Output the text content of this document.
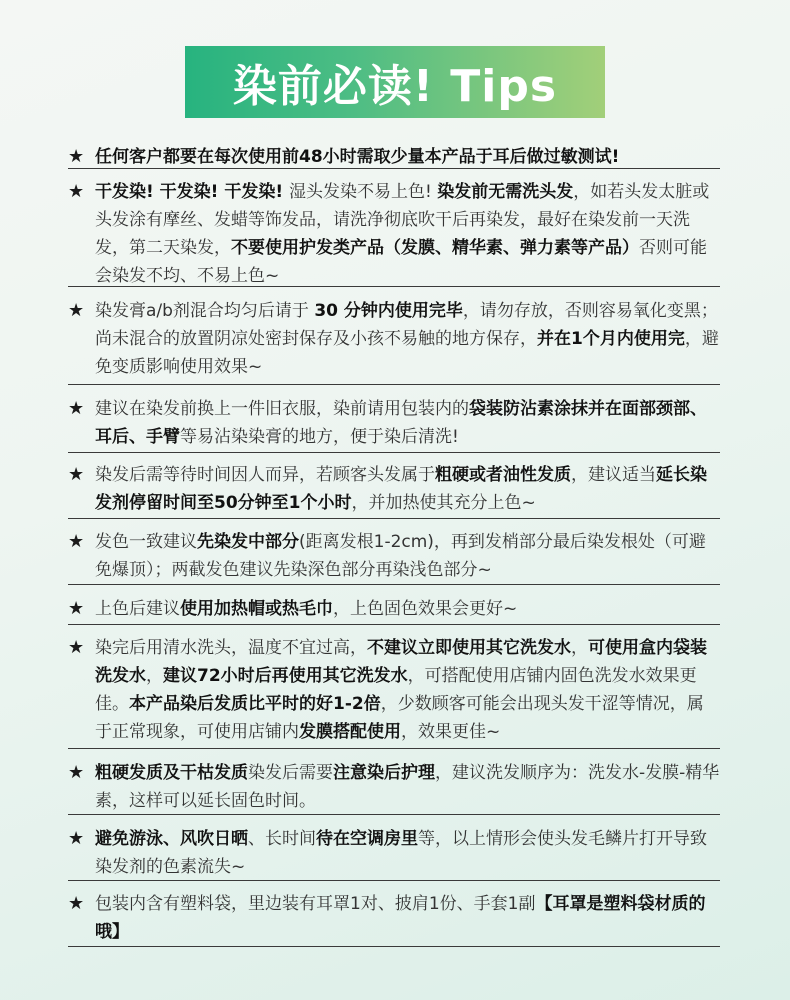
染前必读! Tips
★ 任何客户都要在每次使用前48小时需取少量本产品于耳后做过敏测试!
★ 干发染! 干发染! 干发染! 湿头发染不易上色! 染发前无需洗头发，如若头发太脏或头发涂有摩丝、发蜡等饰发品，请洗净彻底吹干后再染发，最好在染发前一天洗发，第二天染发，不要使用护发类产品（发膜、精华素、弹力素等产品）否则可能会染发不均、不易上色~
★ 染发膏a/b剂混合均匀后请于 30 分钟内使用完毕，请勿存放，否则容易氧化变黑；尚未混合的放置阴凉处密封保存及小孩不易触的地方保存，并在1个月内使用完，避免变质影响使用效果~
★ 建议在染发前换上一件旧衣服，染前请用包装内的袋装防沾素涂抹并在面部颈部、耳后、手臂等易沾染染膏的地方，便于染后清洗!
★ 染发后需等待时间因人而异，若顾客头发属于粗硬或者油性发质，建议适当延长染发剂停留时间至50分钟至1个小时，并加热使其充分上色~
★ 发色一致建议先染发中部分(距离发根1-2cm)，再到发梢部分最后染发根处（可避免爆顶）；两截发色建议先染深色部分再染浅色部分~
★ 上色后建议使用加热帽或热毛巾，上色固色效果会更好~
★ 染完后用清水洗头，温度不宜过高，不建议立即使用其它洗发水，可使用盒内袋装洗发水，建议72小时后再使用其它洗发水，可搭配使用店铺内固色洗发水效果更佳。本产品染后发质比平时的好1-2倍，少数顾客可能会出现头发干涩等情况，属于正常现象，可使用店铺内发膜搭配使用，效果更佳~
★ 粗硬发质及干枯发质染发后需要注意染后护理，建议洗发顺序为：洗发水-发膜-精华素，这样可以延长固色时间。
★ 避免游泳、风吹日晒、长时间待在空调房里等，以上情形会使头发毛鳞片打开导致染发剂的色素流失~
★ 包装内含有塑料袋，里边装有耳罩1对、披肩1份、手套1副【耳罩是塑料袋材质的哦】
